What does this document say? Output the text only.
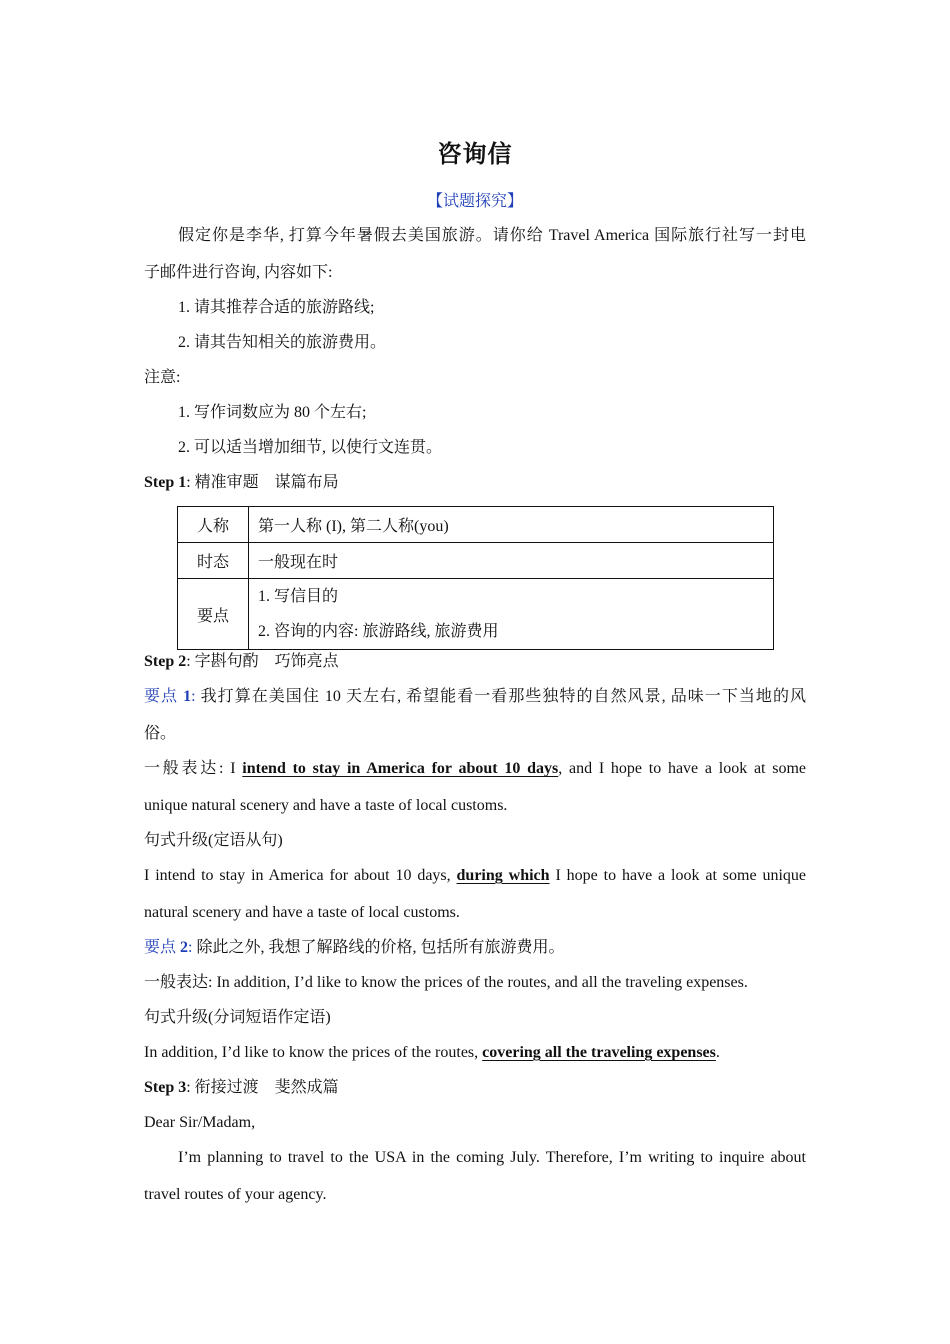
咨询信
【试题探究】
假定你是李华, 打算今年暑假去美国旅游。请你给 Travel America 国际旅行社写一封电
子邮件进行咨询, 内容如下:
1. 请其推荐合适的旅游路线;
2. 请其告知相关的旅游费用。
注意:
1. 写作词数应为 80 个左右;
2. 可以适当增加细节, 以使行文连贯。
Step 1: 精准审题　谋篇布局
人称	第一人称 (I), 第二人称(you)
时态	一般现在时
要点	1. 写信目的
2. 咨询的内容: 旅游路线, 旅游费用
Step 2: 字斟句酌　巧饰亮点
要点 1: 我打算在美国住 10 天左右, 希望能看一看那些独特的自然风景, 品味一下当地的风
俗。
一般表达: I intend to stay in America for about 10 days, and I hope to have a look at some
unique natural scenery and have a taste of local customs.
句式升级(定语从句)
I intend to stay in America for about 10 days, during which I hope to have a look at some unique
natural scenery and have a taste of local customs.
要点 2: 除此之外, 我想了解路线的价格, 包括所有旅游费用。
一般表达: In addition, I’d like to know the prices of the routes, and all the traveling expenses.
句式升级(分词短语作定语)
In addition, I’d like to know the prices of the routes, covering all the traveling expenses.
Step 3: 衔接过渡　斐然成篇
Dear Sir/Madam,
I’m planning to travel to the USA in the coming July. Therefore, I’m writing to inquire about
travel routes of your agency.
